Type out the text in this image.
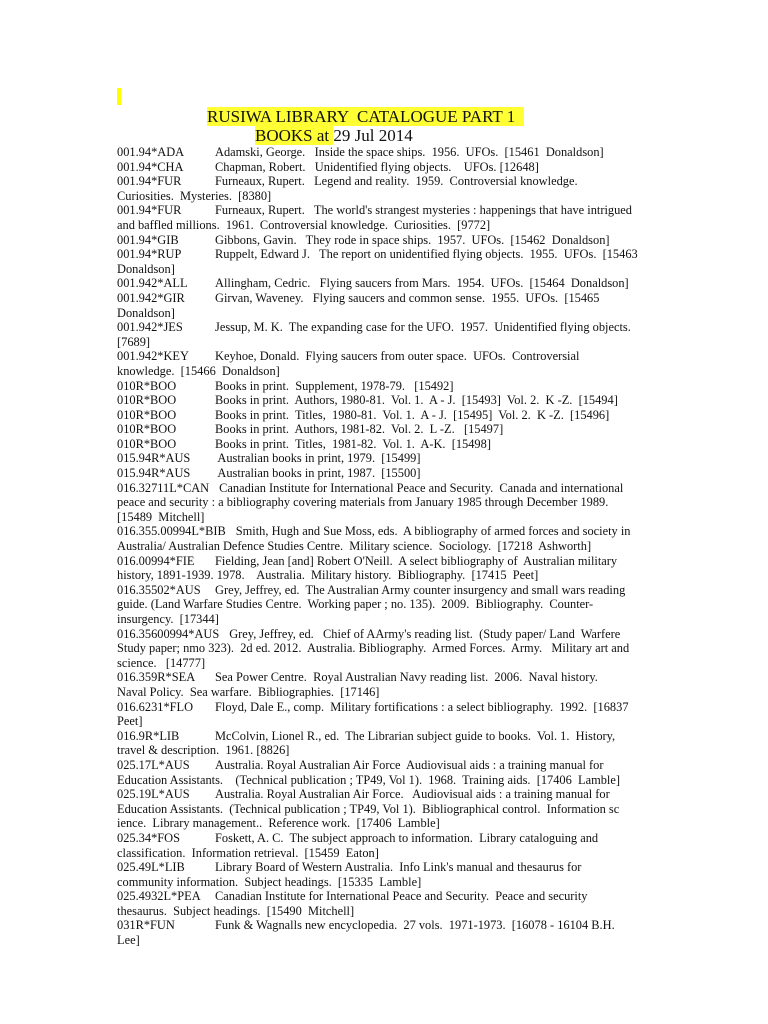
RUSIWA LIBRARY  CATALOGUE PART 1
BOOKS at 29 Jul 2014
001.94*ADA Adamski, George.   Inside the space ships.  1956.  UFOs.  [15461  Donaldson]
001.94*CHA	Chapman, Robert.   Unidentified flying objects.    UFOs. [12648]
001.94*FUR	Furneaux, Rupert.   Legend and reality.  1959.  Controversial knowledge.
Curiosities.  Mysteries.  [8380]
001.94*FUR	Furneaux, Rupert.   The world's strangest mysteries : happenings that have intrigued
and baffled millions.  1961.  Controversial knowledge.  Curiosities.  [9772]
001.94*GIB	Gibbons, Gavin.   They rode in space ships.  1957.  UFOs.  [15462  Donaldson]
001.94*RUP	Ruppelt, Edward J.   The report on unidentified flying objects.  1955.  UFOs.  [15463
Donaldson]
001.942*ALL Allingham, Cedric.   Flying saucers from Mars.  1954.  UFOs.  [15464  Donaldson]
001.942*GIR Girvan, Waveney.   Flying saucers and common sense.  1955.  UFOs.  [15465
Donaldson]
001.942*JES	Jessup, M. K.  The expanding case for the UFO.  1957.  Unidentified flying objects.
[7689]
001.942*KEY Keyhoe, Donald.  Flying saucers from outer space.  UFOs.  Controversial
knowledge.  [15466  Donaldson]
010R*BOO	Books in print.  Supplement, 1978-79.   [15492]
010R*BOO	Books in print.  Authors, 1980-81.  Vol. 1.  A - J.  [15493]  Vol. 2.  K -Z.  [15494]
010R*BOO	Books in print.  Titles,  1980-81.  Vol. 1.  A - J.  [15495]  Vol. 2.  K -Z.  [15496]
010R*BOO	Books in print.  Authors, 1981-82.  Vol. 2.  L -Z.   [15497]
010R*BOO	Books in print.  Titles,  1981-82.  Vol. 1.  A-K.  [15498]
015.94R*AUS Australian books in print, 1979.  [15499]
015.94R*AUS Australian books in print, 1987.  [15500]
016.32711L*CAN Canadian Institute for International Peace and Security.  Canada and international
peace and security : a bibliography covering materials from January 1985 through December 1989.
[15489  Mitchell]
016.355.00994L*BIB Smith, Hugh and Sue Moss, eds.  A bibliography of armed forces and society in
Australia/ Australian Defence Studies Centre.  Military science.  Sociology.  [17218  Ashworth]
016.00994*FIE Fielding, Jean [and] Robert O'Neill.  A select bibliography of  Australian military
history, 1891-1939. 1978.    Australia.  Military history.  Bibliography.  [17415  Peet]
016.35502*AUS Grey, Jeffrey, ed.  The Australian Army counter insurgency and small wars reading
guide. (Land Warfare Studies Centre.  Working paper ; no. 135).  2009.  Bibliography.  Counter-
insurgency.  [17344]
016.35600994*AUS Grey, Jeffrey, ed.   Chief of AArmy's reading list.  (Study paper/ Land  Warfere
Study paper; nmo 323).  2d ed. 2012.  Australia. Bibliography.  Armed Forces.  Army.   Military art and
science.   [14777]
016.359R*SEA Sea Power Centre.  Royal Australian Navy reading list.  2006.  Naval history.
Naval Policy.  Sea warfare.  Bibliographies.  [17146]
016.6231*FLO Floyd, Dale E., comp.  Military fortifications : a select bibliography.  1992.  [16837
Peet]
016.9R*LIB	McColvin, Lionel R., ed.  The Librarian subject guide to books.  Vol. 1.  History,
travel & description.  1961. [8826]
025.17L*AUS Australia. Royal Australian Air Force  Audiovisual aids : a training manual for
Education Assistants.    (Technical publication ; TP49, Vol 1).  1968.  Training aids.  [17406  Lamble]
025.19L*AUS Australia. Royal Australian Air Force.   Audiovisual aids : a training manual for
Education Assistants.  (Technical publication ; TP49, Vol 1).  Bibliographical control.  Information sc
ience.  Library management..  Reference work.  [17406  Lamble]
025.34*FOS	Foskett, A. C.  The subject approach to information.  Library cataloguing and
classification.  Information retrieval.  [15459  Eaton]
025.49L*LIB Library Board of Western Australia.  Info Link's manual and thesaurus for
community information.  Subject headings.  [15335  Lamble]
025.4932L*PEA Canadian Institute for International Peace and Security.  Peace and security
thesaurus.  Subject headings.  [15490  Mitchell]
031R*FUN	Funk & Wagnalls new encyclopedia.  27 vols.  1971-1973.  [16078 - 16104 B.H.
Lee]
